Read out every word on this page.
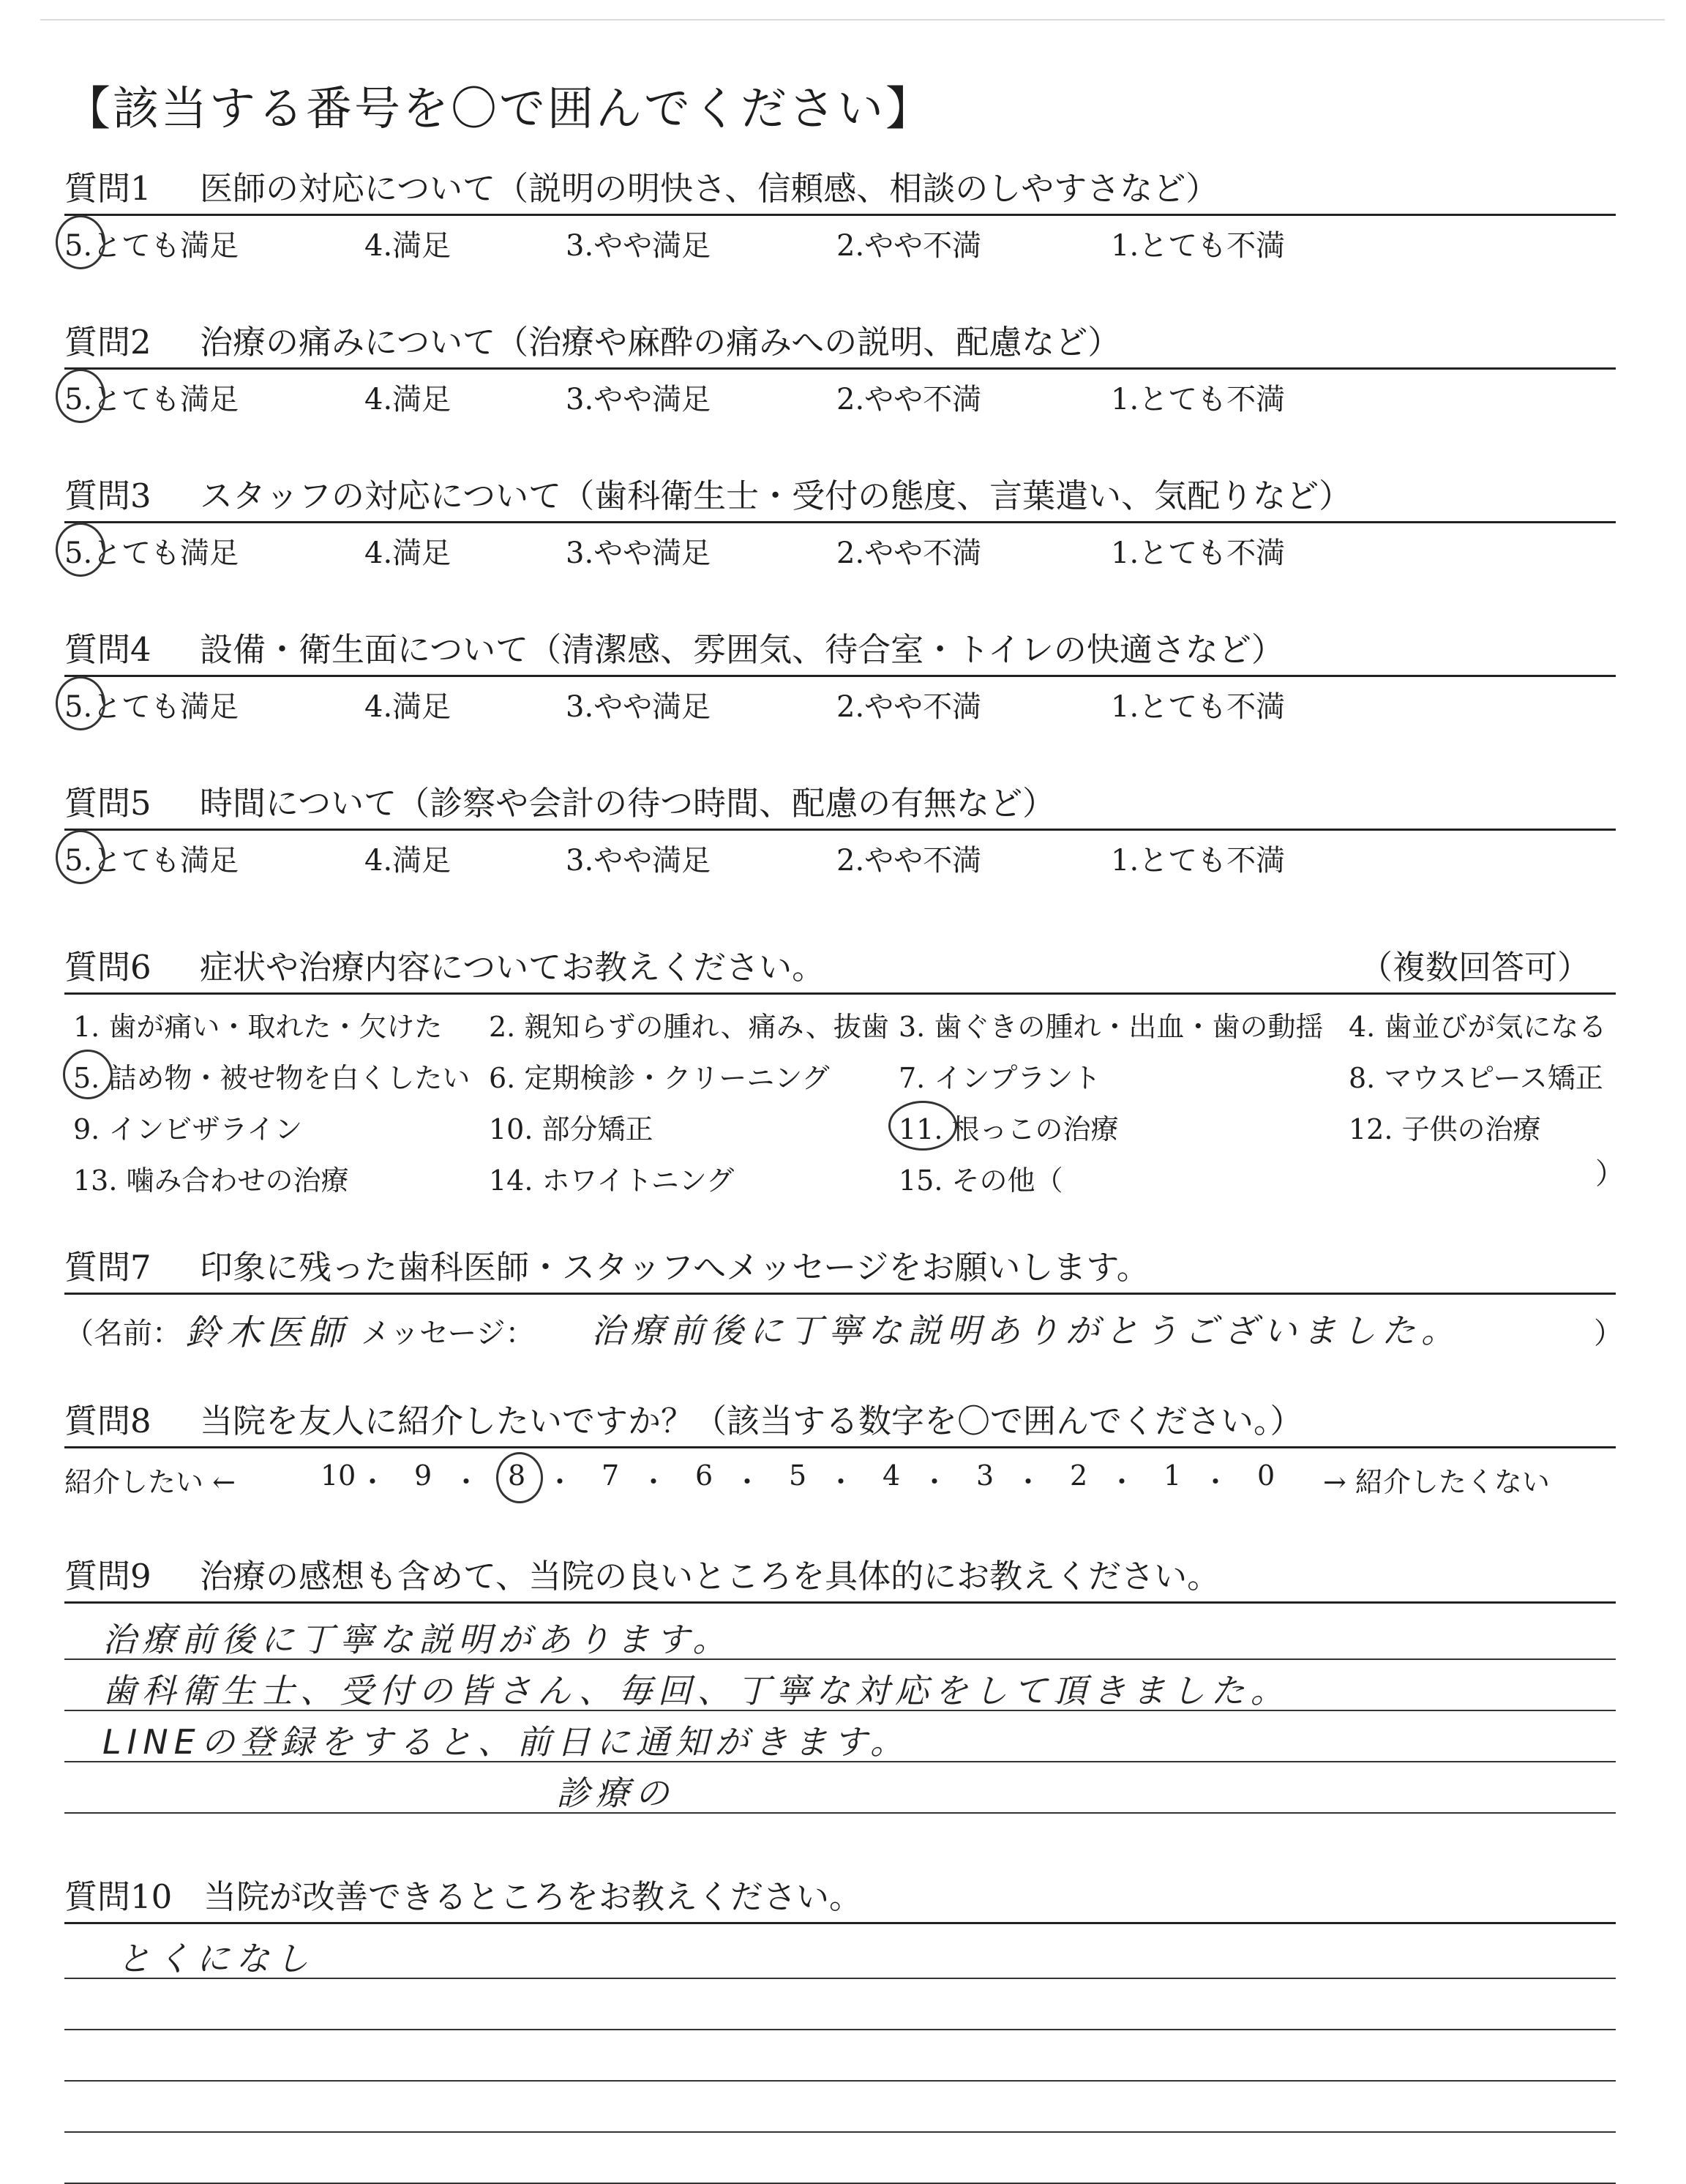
【該当する番号を〇で囲んでください】
質問1 医師の対応について（説明の明快さ、信頼感、相談のしやすさなど）
5.とても満足	4.満足	3.やや満足	2.やや不満	1.とても不満
質問2 治療の痛みについて（治療や麻酔の痛みへの説明、配慮など）
5.とても満足	4.満足	3.やや満足	2.やや不満	1.とても不満
質問3 スタッフの対応について（歯科衛生士・受付の態度、言葉遣い、気配りなど）
5.とても満足	4.満足	3.やや満足	2.やや不満	1.とても不満
質問4 設備・衛生面について（清潔感、雰囲気、待合室・トイレの快適さなど）
5.とても満足	4.満足	3.やや満足	2.やや不満	1.とても不満
質問5 時間について（診察や会計の待つ時間、配慮の有無など）
5.とても満足	4.満足	3.やや満足	2.やや不満	1.とても不満
質問6 症状や治療内容についてお教えください。	（複数回答可）
1. 歯が痛い・取れた・欠けた 2. 親知らずの腫れ、痛み、抜歯 3. 歯ぐきの腫れ・出血・歯の動揺 4. 歯並びが気になる
5. 詰め物・被せ物を白くしたい 6. 定期検診・クリーニング 7. インプラント	8. マウスピース矯正
9. インビザライン	10. 部分矯正	11. 根っこの治療	12. 子供の治療
13. 噛み合わせの治療	14. ホワイトニング	15. その他（	）
質問7 印象に残った歯科医師・スタッフへメッセージをお願いします。
（名前： 鈴木医師 メッセージ： 治療前後に丁寧な説明ありがとうございました。	）
質問8 当院を友人に紹介したいですか？（該当する数字を〇で囲んでください。）
紹介したい ←	→ 紹介したくない
10 ・ 9 ・ 8 ・ 7 ・ 6 ・ 5 ・ 4 ・ 3 ・ 2 ・ 1 ・ 0
質問9 治療の感想も含めて、当院の良いところを具体的にお教えください。
治療前後に丁寧な説明があります。
歯科衛生士、受付の皆さん、毎回、丁寧な対応をして頂きました。
LINEの登録をすると、前日に通知がきます。
診療の
質問10 当院が改善できるところをお教えください。
とくになし
